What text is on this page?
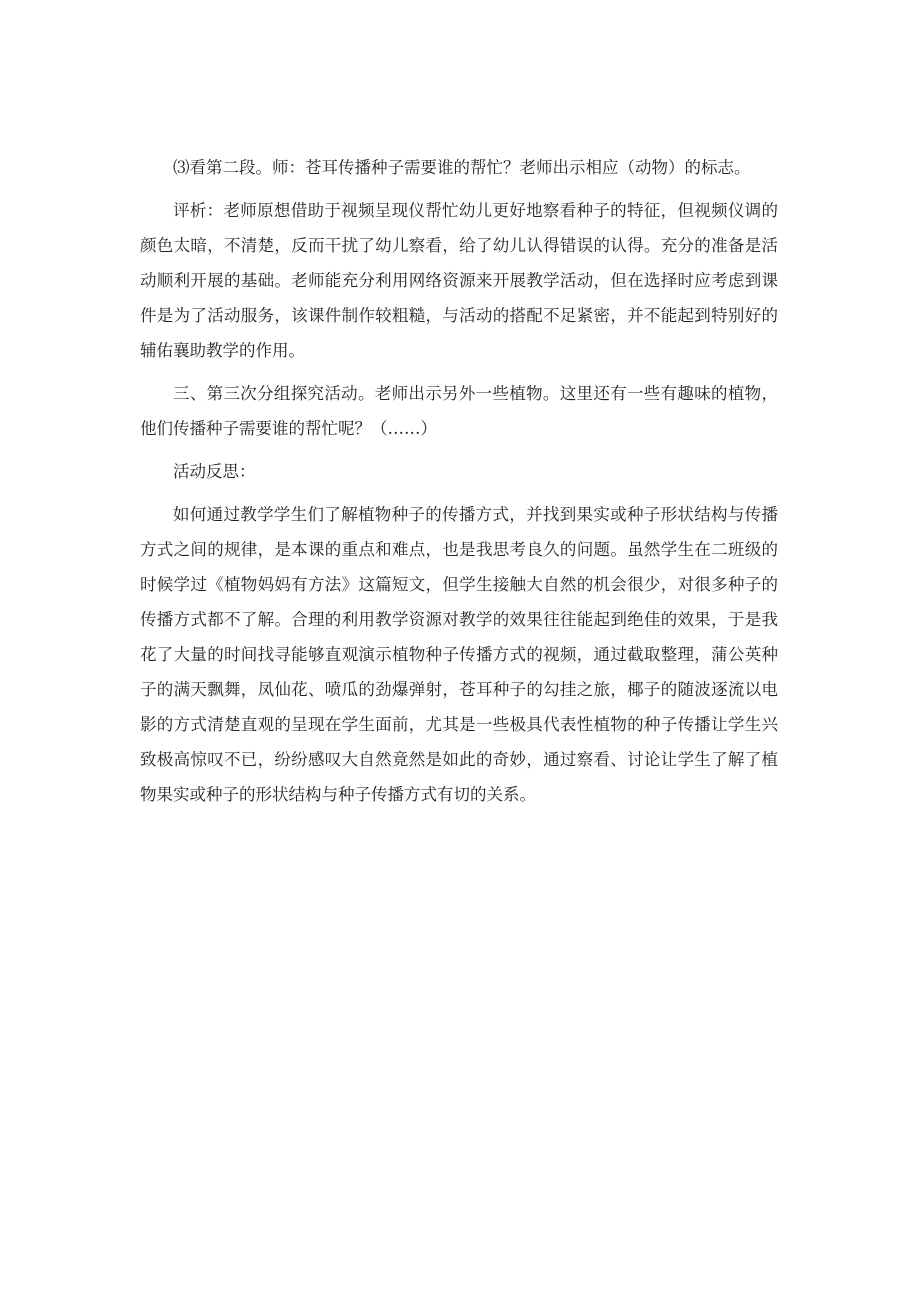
⑶看第二段。师：苍耳传播种子需要谁的帮忙？老师出示相应（动物）的标志。

评析：老师原想借助于视频呈现仪帮忙幼儿更好地察看种子的特征，但视频仪调的颜色太暗，不清楚，反而干扰了幼儿察看，给了幼儿认得错误的认得。充分的准备是活动顺利开展的基础。老师能充分利用网络资源来开展教学活动，但在选择时应考虑到课件是为了活动服务，该课件制作较粗糙，与活动的搭配不足紧密，并不能起到特别好的辅佑襄助教学的作用。

三、第三次分组探究活动。老师出示另外一些植物。这里还有一些有趣味的植物，他们传播种子需要谁的帮忙呢？（……）

活动反思：

如何通过教学学生们了解植物种子的传播方式，并找到果实或种子形状结构与传播方式之间的规律，是本课的重点和难点，也是我思考良久的问题。虽然学生在二班级的时候学过《植物妈妈有方法》这篇短文，但学生接触大自然的机会很少，对很多种子的传播方式都不了解。合理的利用教学资源对教学的效果往往能起到绝佳的效果，于是我花了大量的时间找寻能够直观演示植物种子传播方式的视频，通过截取整理，蒲公英种子的满天飘舞，凤仙花、喷瓜的劲爆弹射，苍耳种子的勾挂之旅，椰子的随波逐流以电影的方式清楚直观的呈现在学生面前，尤其是一些极具代表性植物的种子传播让学生兴致极高惊叹不已，纷纷感叹大自然竟然是如此的奇妙，通过察看、讨论让学生了解了植物果实或种子的形状结构与种子传播方式有切的关系。
